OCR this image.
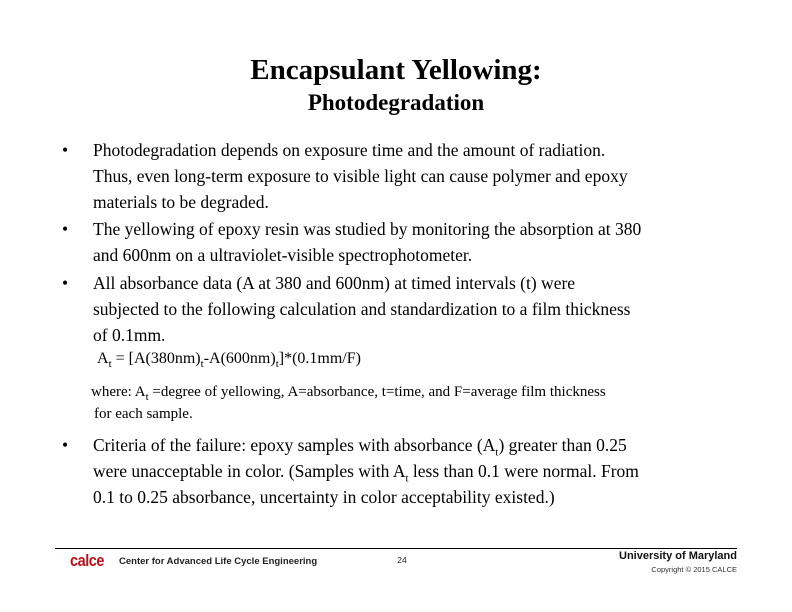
Encapsulant Yellowing:
Photodegradation
• Photodegradation depends on exposure time and the amount of radiation.
Thus, even long-term exposure to visible light can cause polymer and epoxy
materials to be degraded.
• The yellowing of epoxy resin was studied by monitoring the absorption at 380
and 600nm on a ultraviolet-visible spectrophotometer.
• All absorbance data (A at 380 and 600nm) at timed intervals (t) were
subjected to the following calculation and standardization to a film thickness
of 0.1mm.
$A_t = [A(380nm)_t-A(600nm)_t]*(0.1mm/F)$
where: $A_t$ =degree of yellowing, A=absorbance, t=time, and F=average film thickness
for each sample.
• Criteria of the failure: epoxy samples with absorbance $(A_t)$ greater than 0.25
were unacceptable in color. (Samples with $A_t$ less than 0.1 were normal. From
0.1 to 0.25 absorbance, uncertainty in color acceptability existed.)
calce Center for Advanced Life Cycle Engineering	24	University of Maryland
Copyright © 2015 CALCE
